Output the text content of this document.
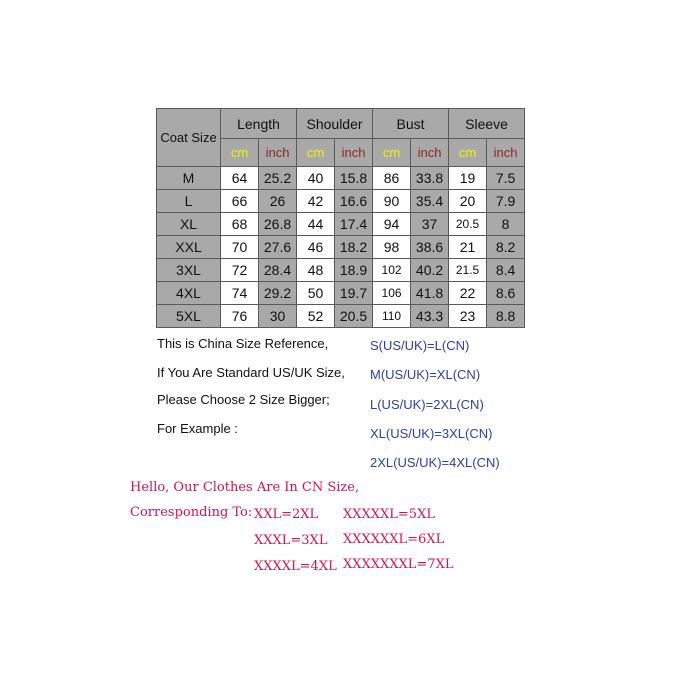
Coat Size	Length		Shoulder		Bust		Sleeve	
	cm	inch	cm	inch	cm	inch	cm	inch
M	64	25.2	40	15.8	86	33.8	19	7.5
L	66	26	42	16.6	90	35.4	20	7.9
XL	68	26.8	44	17.4	94	37	20.5	8
XXL	70	27.6	46	18.2	98	38.6	21	8.2
3XL	72	28.4	48	18.9	102	40.2	21.5	8.4
4XL	74	29.2	50	19.7	106	41.8	22	8.6
5XL	76	30	52	20.5	110	43.3	23	8.8
This is China Size Reference,
If You Are Standard US/UK Size,
Please Choose 2 Size Bigger;
For Example :
S(US/UK)=L(CN)
M(US/UK)=XL(CN)
L(US/UK)=2XL(CN)
XL(US/UK)=3XL(CN)
2XL(US/UK)=4XL(CN)
Hello, Our Clothes Are In CN Size,
Corresponding To: XXL=2XL
XXXL=3XL
XXXXL=4XL
XXXXXL=5XL
XXXXXXL=6XL
XXXXXXXL=7XL
